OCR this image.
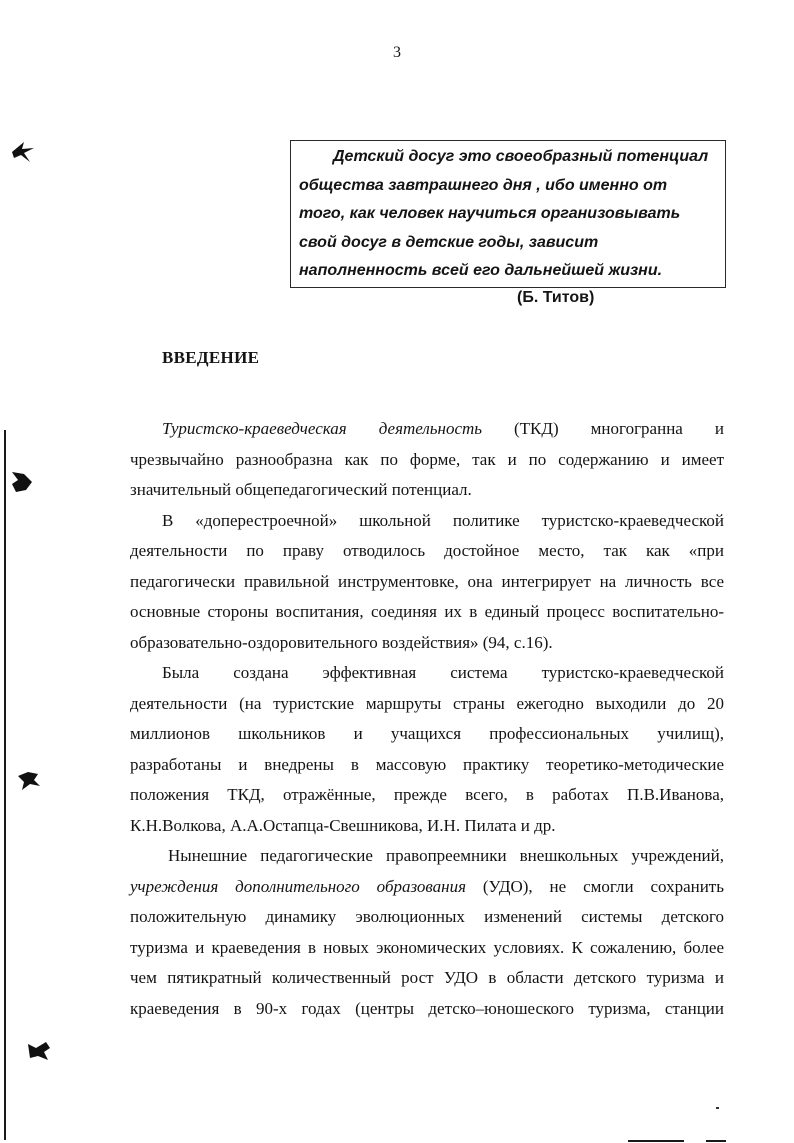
3
Детский досуг это своеобразный потенциал
общества завтрашнего дня , ибо именно от
того, как человек научиться организовывать
свой досуг в детские годы, зависит
наполненность всей его дальнейшей жизни.
(Б. Титов)
ВВЕДЕНИЕ
Туристско-краеведческая деятельность (ТКД) многогранна и
чрезвычайно разнообразна как по форме, так и по содержанию и имеет
значительный общепедагогический потенциал.
В «доперестроечной» школьной политике туристско-краеведческой
деятельности по праву отводилось достойное место, так как «при
педагогически правильной инструментовке, она интегрирует на личность все
основные стороны воспитания, соединяя их в единый процесс воспитательно-
образовательно-оздоровительного воздействия» (94, с.16).
Была создана эффективная система туристско-краеведческой
деятельности (на туристские маршруты страны ежегодно выходили до 20
миллионов школьников и учащихся профессиональных училищ),
разработаны и внедрены в массовую практику теоретико-методические
положения ТКД, отражённые, прежде всего, в работах П.В.Иванова,
К.Н.Волкова, А.А.Остапца-Свешникова, И.Н. Пилата и др.
Нынешние педагогические правопреемники внешкольных учреждений,
учреждения дополнительного образования (УДО), не смогли сохранить
положительную динамику эволюционных изменений системы детского
туризма и краеведения в новых экономических условиях. К сожалению, более
чем пятикратный количественный рост УДО в области детского туризма и
краеведения в 90-х годах (центры детско–юношеского туризма, станции
